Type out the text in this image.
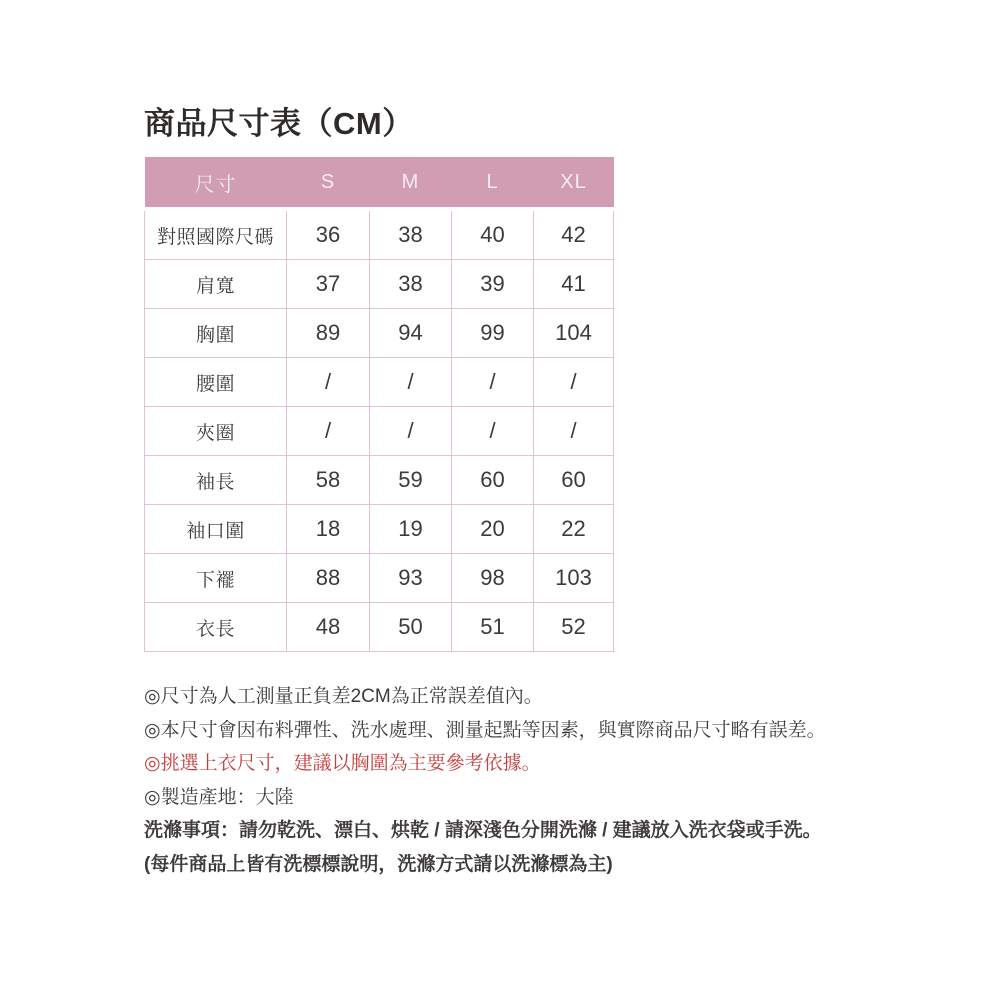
商品尺寸表（CM）
尺寸	S	M	L	XL
對照國際尺碼	36	38	40	42
肩寬	37	38	39	41
胸圍	89	94	99	104
腰圍	/	/	/	/
夾圈	/	/	/	/
袖長	58	59	60	60
袖口圍	18	19	20	22
下襬	88	93	98	103
衣長	48	50	51	52

◎尺寸為人工測量正負差2CM為正常誤差值內。

◎本尺寸會因布料彈性、洗水處理、測量起點等因素，與實際商品尺寸略有誤差。

◎挑選上衣尺寸，建議以胸圍為主要參考依據。

◎製造產地：大陸

洗滌事項：請勿乾洗、漂白、烘乾 / 請深淺色分開洗滌 / 建議放入洗衣袋或手洗。

(每件商品上皆有洗標標說明，洗滌方式請以洗滌標為主)
